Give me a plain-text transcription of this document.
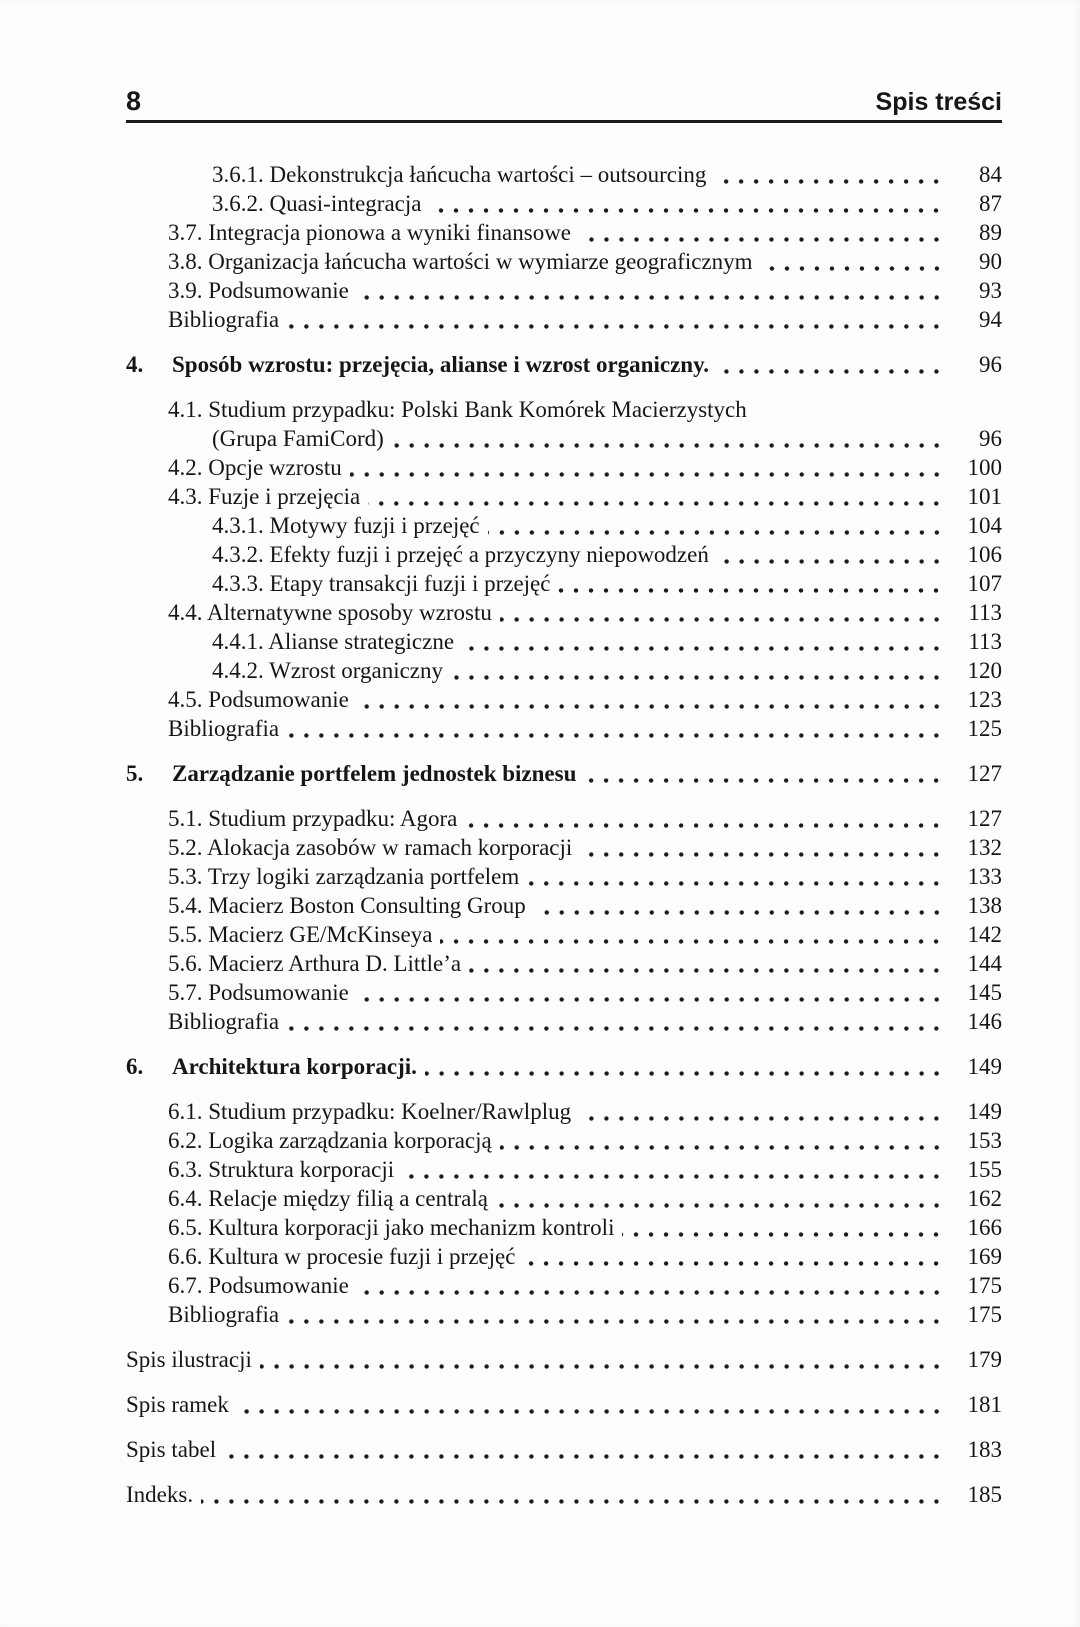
8	Spis treści
3.6.1. Dekonstrukcja łańcucha wartości – outsourcing	84
3.6.2. Quasi-integracja	87
3.7. Integracja pionowa a wyniki finansowe	89
3.8. Organizacja łańcucha wartości w wymiarze geograficznym	90
3.9. Podsumowanie	93
Bibliografia	94
4.	Sposób wzrostu: przejęcia, alianse i wzrost organiczny.	96
4.1. Studium przypadku: Polski Bank Komórek Macierzystych
(Grupa FamiCord)	96
4.2. Opcje wzrostu	100
4.3. Fuzje i przejęcia	101
4.3.1. Motywy fuzji i przejęć	104
4.3.2. Efekty fuzji i przejęć a przyczyny niepowodzeń	106
4.3.3. Etapy transakcji fuzji i przejęć	107
4.4. Alternatywne sposoby wzrostu	113
4.4.1. Alianse strategiczne	113
4.4.2. Wzrost organiczny	120
4.5. Podsumowanie	123
Bibliografia	125
5.	Zarządzanie portfelem jednostek biznesu	127
5.1. Studium przypadku: Agora	127
5.2. Alokacja zasobów w ramach korporacji	132
5.3. Trzy logiki zarządzania portfelem	133
5.4. Macierz Boston Consulting Group	138
5.5. Macierz GE/McKinseya	142
5.6. Macierz Arthura D. Little’a	144
5.7. Podsumowanie	145
Bibliografia	146
6.	Architektura korporacji.	149
6.1. Studium przypadku: Koelner/Rawlplug	149
6.2. Logika zarządzania korporacją	153
6.3. Struktura korporacji	155
6.4. Relacje między filią a centralą	162
6.5. Kultura korporacji jako mechanizm kontroli	166
6.6. Kultura w procesie fuzji i przejęć	169
6.7. Podsumowanie	175
Bibliografia	175
Spis ilustracji	179
Spis ramek	181
Spis tabel	183
Indeks.	185
